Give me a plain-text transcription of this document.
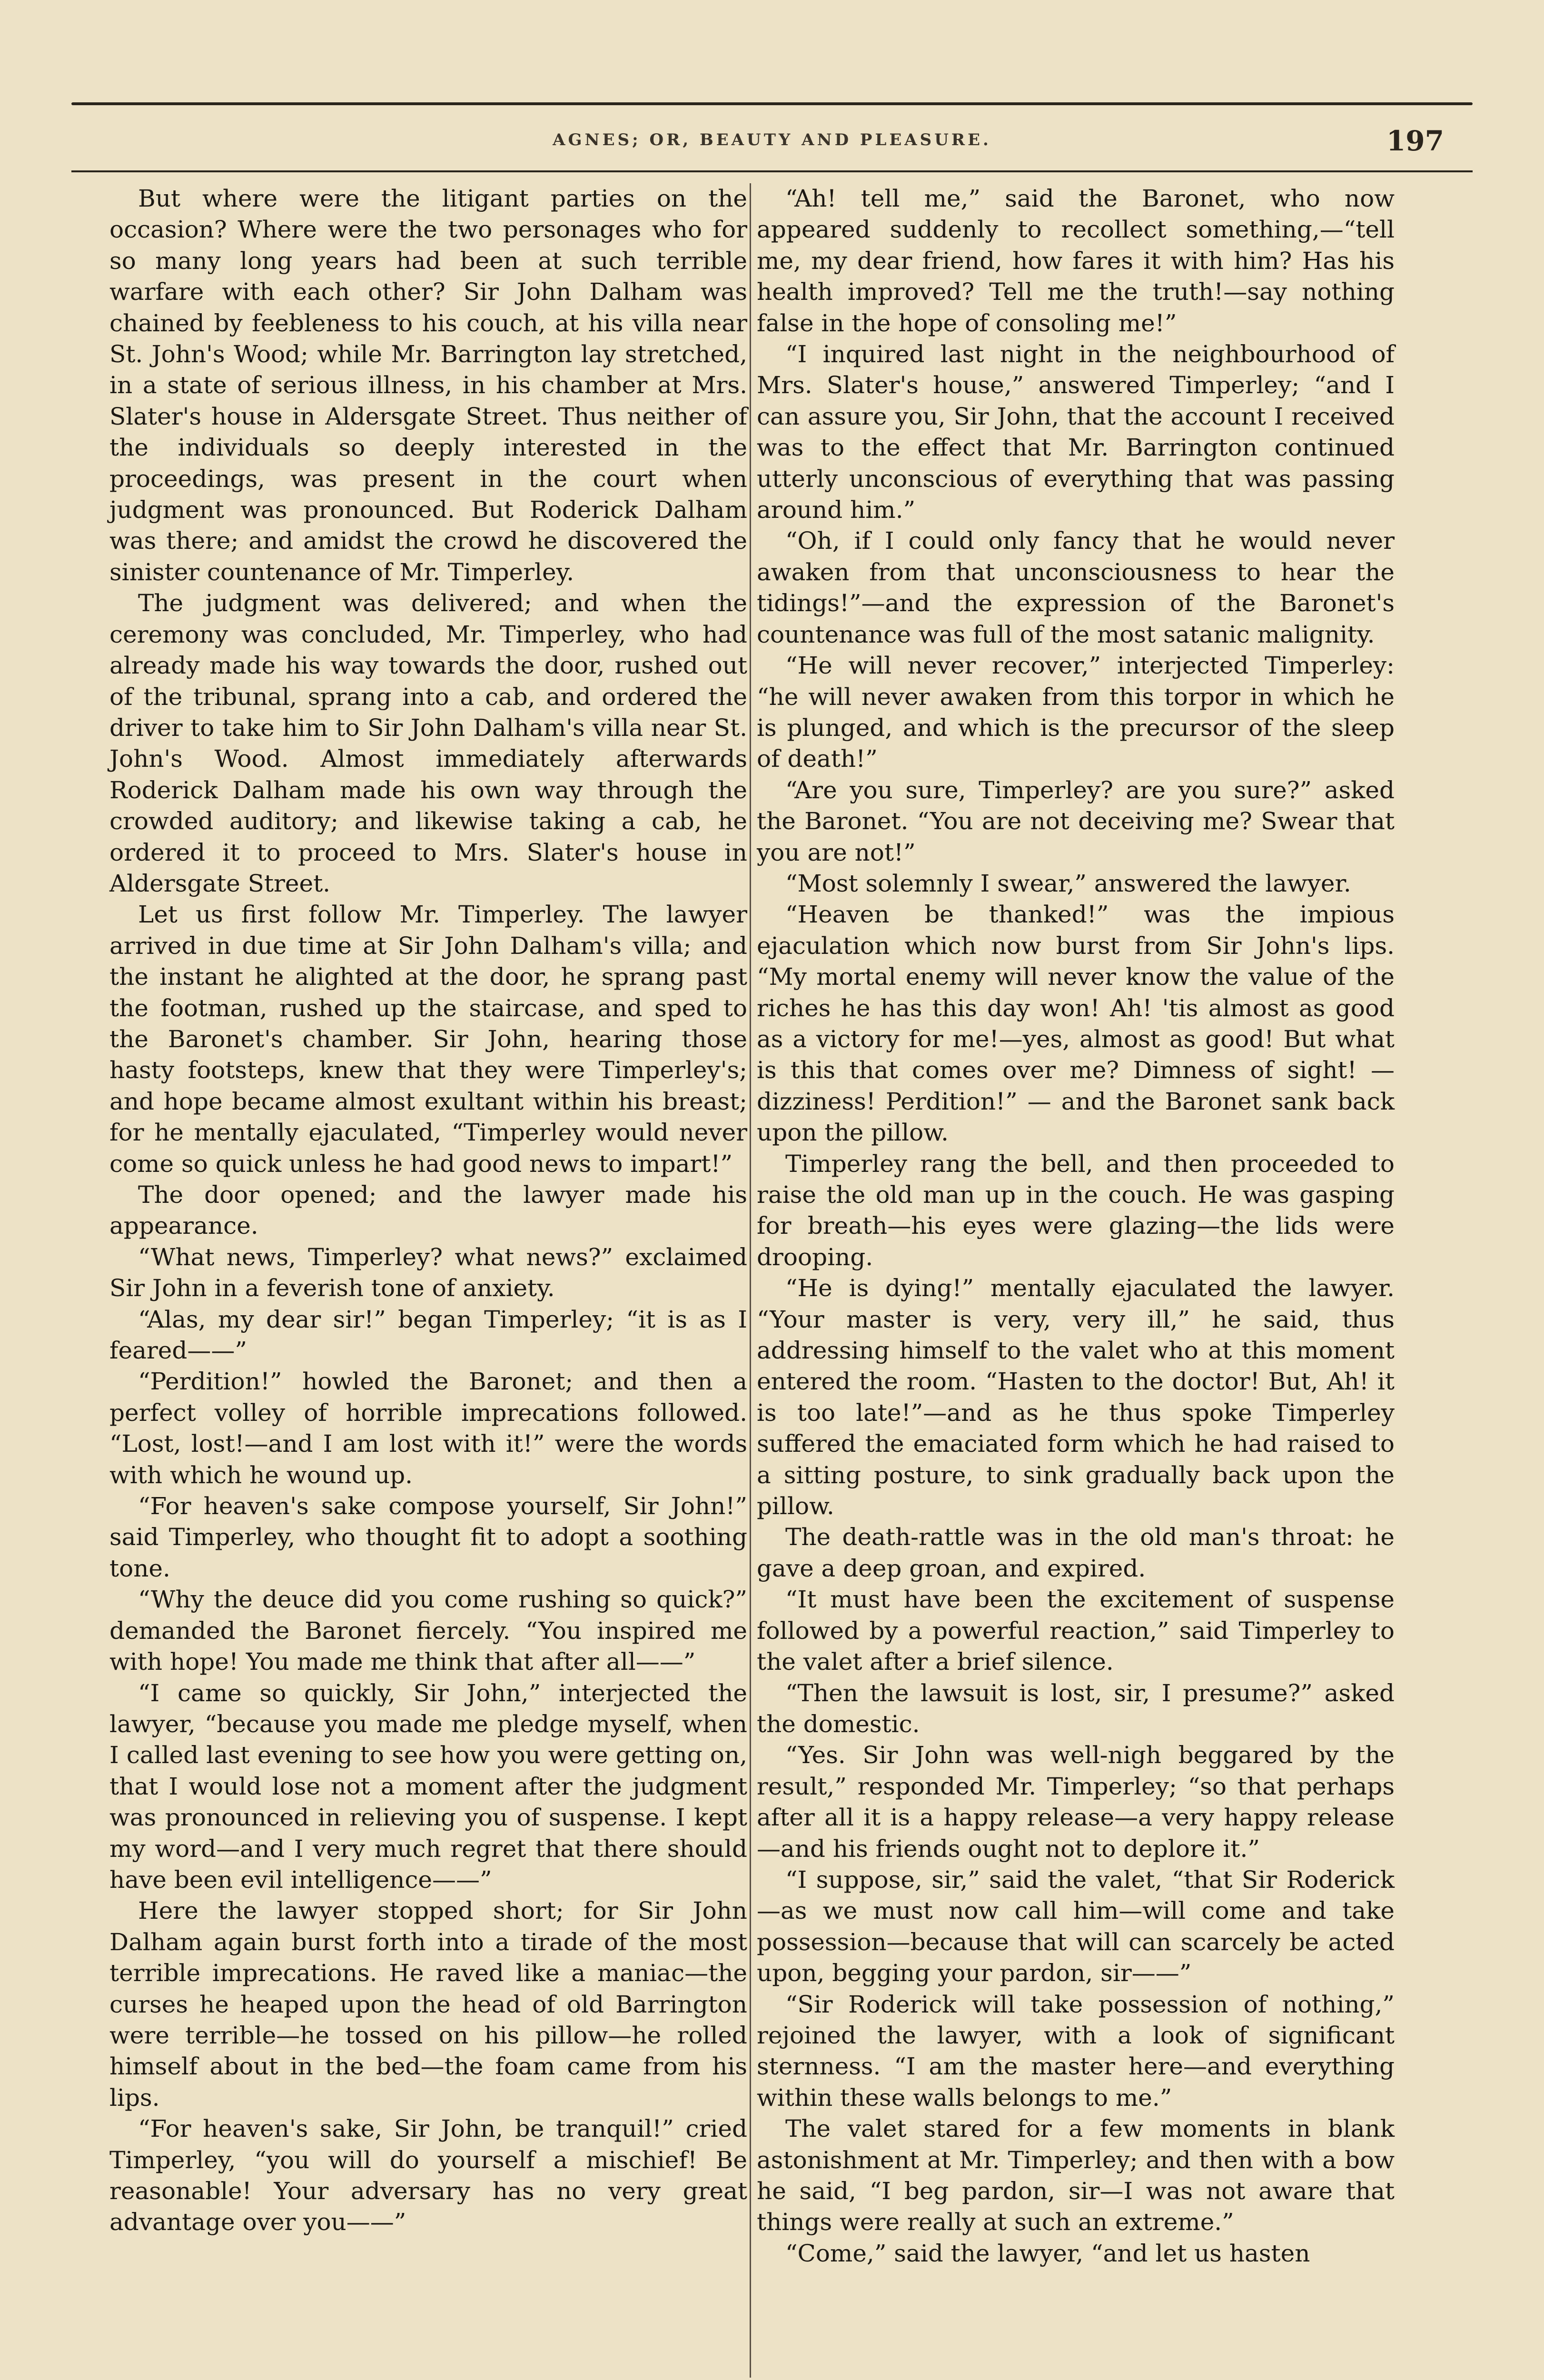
AGNES; OR, BEAUTY AND PLEASURE.	197

But where were the litigant parties on the occasion? Where were the two personages who for so many long years had been at such terrible warfare with each other? Sir John Dalham was chained by feebleness to his couch, at his villa near St. John's Wood; while Mr. Barrington lay stretched, in a state of serious illness, in his chamber at Mrs. Slater's house in Aldersgate Street. Thus neither of the individuals so deeply interested in the proceedings, was present in the court when judgment was pronounced. But Roderick Dalham was there; and amidst the crowd he discovered the sinister countenance of Mr. Timperley.

The judgment was delivered; and when the ceremony was concluded, Mr. Timperley, who had already made his way towards the door, rushed out of the tribunal, sprang into a cab, and ordered the driver to take him to Sir John Dalham's villa near St. John's Wood. Almost immediately afterwards Roderick Dalham made his own way through the crowded auditory; and likewise taking a cab, he ordered it to proceed to Mrs. Slater's house in Aldersgate Street.

Let us first follow Mr. Timperley. The lawyer arrived in due time at Sir John Dalham's villa; and the instant he alighted at the door, he sprang past the footman, rushed up the staircase, and sped to the Baronet's chamber. Sir John, hearing those hasty footsteps, knew that they were Timperley's; and hope became almost exultant within his breast; for he mentally ejaculated, “Timperley would never come so quick unless he had good news to impart!”

The door opened; and the lawyer made his appearance.

“What news, Timperley? what news?” exclaimed Sir John in a feverish tone of anxiety.

“Alas, my dear sir!” began Timperley; “it is as I feared——”

“Perdition!” howled the Baronet; and then a perfect volley of horrible imprecations followed. “Lost, lost!—and I am lost with it!” were the words with which he wound up.

“For heaven's sake compose yourself, Sir John!” said Timperley, who thought fit to adopt a soothing tone.

“Why the deuce did you come rushing so quick?” demanded the Baronet fiercely. “You inspired me with hope! You made me think that after all——”

“I came so quickly, Sir John,” interjected the lawyer, “because you made me pledge myself, when I called last evening to see how you were getting on, that I would lose not a moment after the judgment was pronounced in relieving you of suspense. I kept my word—and I very much regret that there should have been evil intelligence——”

Here the lawyer stopped short; for Sir John Dalham again burst forth into a tirade of the most terrible imprecations. He raved like a maniac—the curses he heaped upon the head of old Barrington were terrible—he tossed on his pillow—he rolled himself about in the bed—the foam came from his lips.

“For heaven's sake, Sir John, be tranquil!” cried Timperley, “you will do yourself a mischief! Be reasonable! Your adversary has no very great advantage over you——”

“Ah! tell me,” said the Baronet, who now appeared suddenly to recollect something,—“tell me, my dear friend, how fares it with him? Has his health improved? Tell me the truth!—say nothing false in the hope of consoling me!”

“I inquired last night in the neighbourhood of Mrs. Slater's house,” answered Timperley; “and I can assure you, Sir John, that the account I received was to the effect that Mr. Barrington continued utterly unconscious of everything that was passing around him.”

“Oh, if I could only fancy that he would never awaken from that unconsciousness to hear the tidings!”—and the expression of the Baronet's countenance was full of the most satanic malignity.

“He will never recover,” interjected Timperley: “he will never awaken from this torpor in which he is plunged, and which is the precursor of the sleep of death!”

“Are you sure, Timperley? are you sure?” asked the Baronet. “You are not deceiving me? Swear that you are not!”

“Most solemnly I swear,” answered the lawyer.

“Heaven be thanked!” was the impious ejaculation which now burst from Sir John's lips. “My mortal enemy will never know the value of the riches he has this day won! Ah! 'tis almost as good as a victory for me!—yes, almost as good! But what is this that comes over me? Dimness of sight! — dizziness! Perdition!” — and the Baronet sank back upon the pillow.

Timperley rang the bell, and then proceeded to raise the old man up in the couch. He was gasping for breath—his eyes were glazing—the lids were drooping.

“He is dying!” mentally ejaculated the lawyer. “Your master is very, very ill,” he said, thus addressing himself to the valet who at this moment entered the room. “Hasten to the doctor! But, Ah! it is too late!”—and as he thus spoke Timperley suffered the emaciated form which he had raised to a sitting posture, to sink gradually back upon the pillow.

The death-rattle was in the old man's throat: he gave a deep groan, and expired.

“It must have been the excitement of suspense followed by a powerful reaction,” said Timperley to the valet after a brief silence.

“Then the lawsuit is lost, sir, I presume?” asked the domestic.

“Yes. Sir John was well-nigh beggared by the result,” responded Mr. Timperley; “so that perhaps after all it is a happy release—a very happy release—and his friends ought not to deplore it.”

“I suppose, sir,” said the valet, “that Sir Roderick—as we must now call him—will come and take possession—because that will can scarcely be acted upon, begging your pardon, sir——”

“Sir Roderick will take possession of nothing,” rejoined the lawyer, with a look of significant sternness. “I am the master here—and everything within these walls belongs to me.”

The valet stared for a few moments in blank astonishment at Mr. Timperley; and then with a bow he said, “I beg pardon, sir—I was not aware that things were really at such an extreme.”

“Come,” said the lawyer, “and let us hasten
